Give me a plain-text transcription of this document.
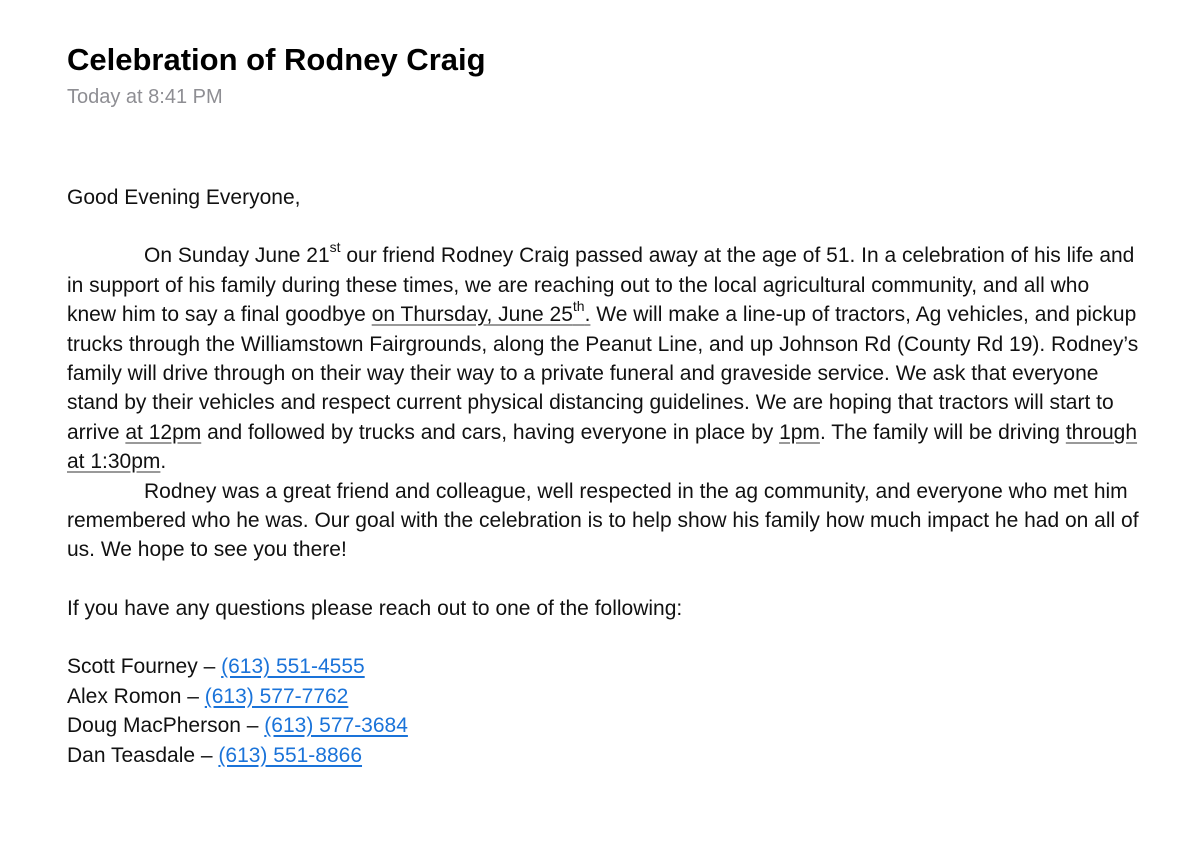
Celebration of Rodney Craig
Today at 8:41 PM

Good Evening Everyone,

On Sunday June 21st our friend Rodney Craig passed away at the age of 51. In a celebration of his life and in support of his family during these times, we are reaching out to the local agricultural community, and all who knew him to say a final goodbye on Thursday, June 25th. We will make a line-up of tractors, Ag vehicles, and pickup trucks through the Williamstown Fairgrounds, along the Peanut Line, and up Johnson Rd (County Rd 19). Rodney’s family will drive through on their way their way to a private funeral and graveside service. We ask that everyone stand by their vehicles and respect current physical distancing guidelines. We are hoping that tractors will start to arrive at 12pm and followed by trucks and cars, having everyone in place by 1pm. The family will be driving through at 1:30pm.

Rodney was a great friend and colleague, well respected in the ag community, and everyone who met him remembered who he was. Our goal with the celebration is to help show his family how much impact he had on all of us. We hope to see you there!

If you have any questions please reach out to one of the following:

Scott Fourney – (613) 551-4555
Alex Romon – (613) 577-7762
Doug MacPherson – (613) 577-3684
Dan Teasdale – (613) 551-8866
